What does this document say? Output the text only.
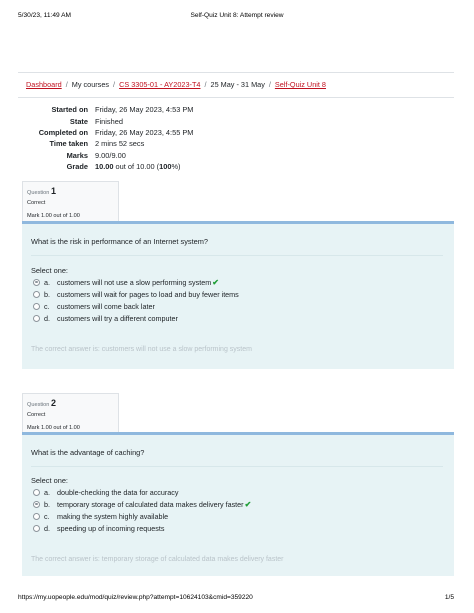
5/30/23, 11:49 AM	Self-Quiz Unit 8: Attempt review
Dashboard / My courses / CS 3305-01 - AY2023-T4 / 25 May - 31 May / Self-Quiz Unit 8
Started on	Friday, 26 May 2023, 4:53 PM
State	Finished
Completed on	Friday, 26 May 2023, 4:55 PM
Time taken	2 mins 52 secs
Marks	9.00/9.00
Grade	10.00 out of 10.00 (100%)
Question 1
Correct
Mark 1.00 out of 1.00
What is the risk in performance of an Internet system?
Select one:
a. customers will not use a slow performing system✔
b. customers will wait for pages to load and buy fewer items
c. customers will come back later
d. customers will try a different computer
The correct answer is: customers will not use a slow performing system
Question 2
Correct
Mark 1.00 out of 1.00
What is the advantage of caching?
Select one:
a. double-checking the data for accuracy
b. temporary storage of calculated data makes delivery faster✔
c. making the system highly available
d. speeding up of incoming requests
The correct answer is: temporary storage of calculated data makes delivery faster
https://my.uopeople.edu/mod/quiz/review.php?attempt=10624103&cmid=359220	1/5
